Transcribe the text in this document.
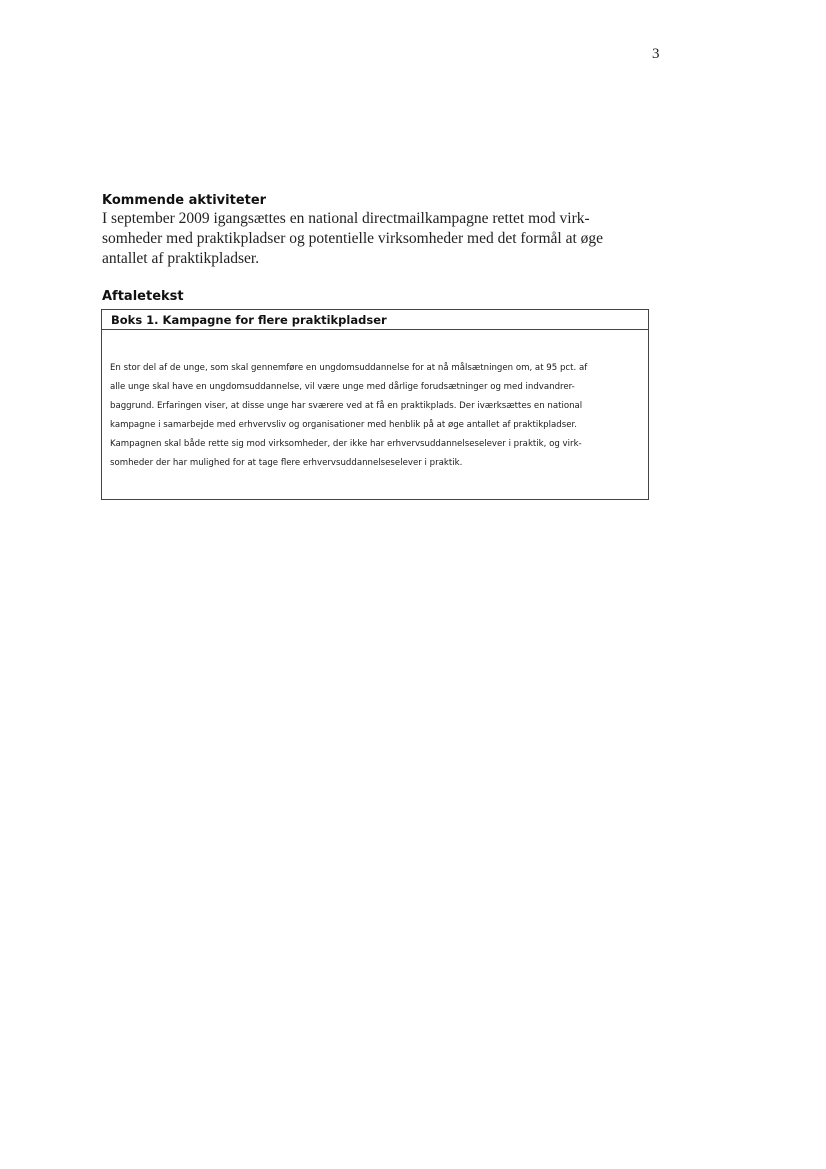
3
Kommende aktiviteter

I september 2009 igangsættes en national directmailkampagne rettet mod virk-

somheder med praktikpladser og potentielle virksomheder med det formål at øge

antallet af praktikpladser.

Aftaletekst
Boks 1. Kampagne for flere praktikpladser

En stor del af de unge, som skal gennemføre en ungdomsuddannelse for at nå målsætningen om, at 95 pct. af

alle unge skal have en ungdomsuddannelse, vil være unge med dårlige forudsætninger og med indvandrer-

baggrund. Erfaringen viser, at disse unge har sværere ved at få en praktikplads. Der iværksættes en national

kampagne i samarbejde med erhvervsliv og organisationer med henblik på at øge antallet af praktikpladser.

Kampagnen skal både rette sig mod virksomheder, der ikke har erhvervsuddannelseselever i praktik, og virk-

somheder der har mulighed for at tage flere erhvervsuddannelseselever i praktik.
